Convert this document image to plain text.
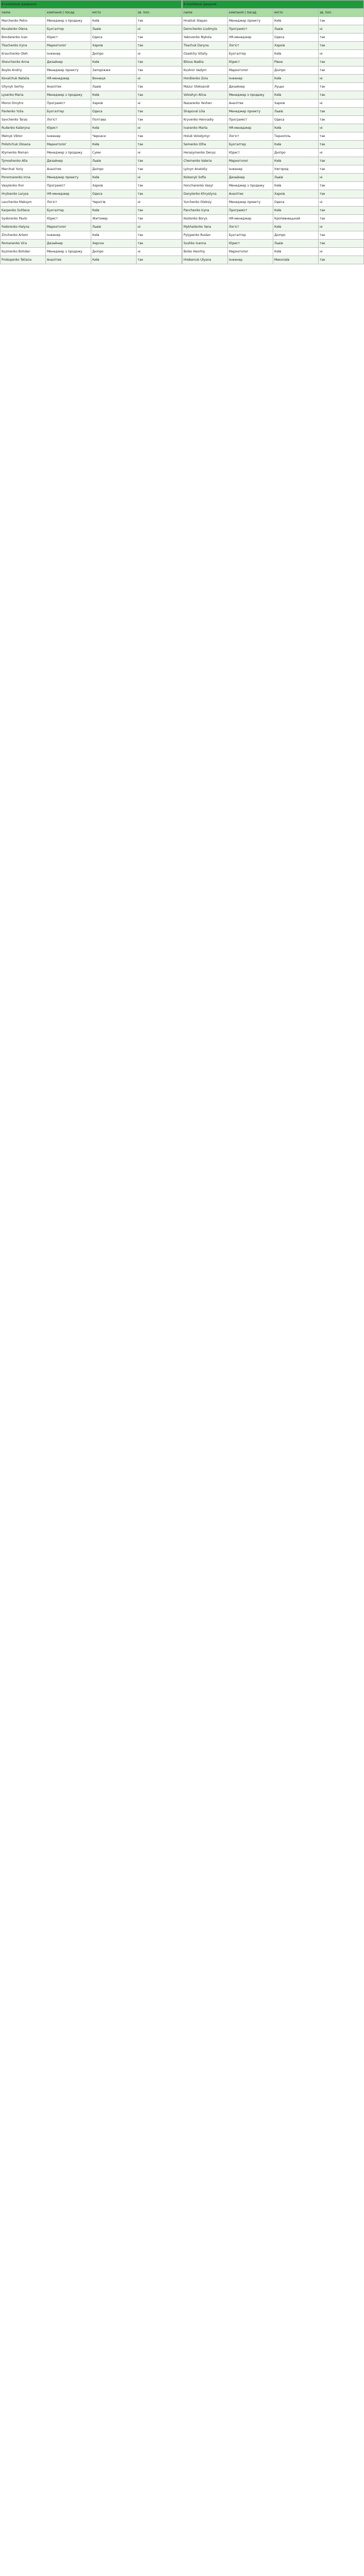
4 (колонка) дзеркало			
name	компанія | посад	місто	зв. пол.
Marchenko Petro	Менеджер з продажу	Київ	так
Kovalenko Olena	Бухгалтер	Львів	ні
Bondarenko Ivan	Юрист	Одеса	так
Tkachenko Iryna	Маркетолог	Харків	так
Kravchenko Oleh	Інженер	Дніпро	ні
Shevchenko Anna	Дизайнер	Київ	так
Boyko Andriy	Менеджер проекту	Запоріжжя	так
Kovalchuk Natalia	HR-менеджер	Вінниця	ні
Oliynyk Serhiy	Аналітик	Львів	так
Lysenko Maria	Менеджер з продажу	Київ	так
Moroz Dmytro	Програміст	Харків	ні
Pavlenko Yulia	Бухгалтер	Одеса	так
Savchenko Taras	Логіст	Полтава	так
Rudenko Kateryna	Юрист	Київ	ні
Melnyk Viktor	Інженер	Черкаси	так
Polishchuk Oksana	Маркетолог	Київ	так
Klymenko Roman	Менеджер з продажу	Суми	ні
Tymoshenko Alla	Дизайнер	Львів	так
Marchuk Yuriy	Аналітик	Дніпро	так
Ponomarenko Inna	Менеджер проекту	Київ	ні
Vasylenko Ihor	Програміст	Харків	так
Hrytsenko Larysa	HR-менеджер	Одеса	так
Levchenko Maksym	Логіст	Чернігів	ні
Karpenko Svitlana	Бухгалтер	Київ	так
Sydorenko Pavlo	Юрист	Житомир	так
Fedorenko Halyna	Маркетолог	Львів	ні
Zinchenko Artem	Інженер	Київ	так
Romanenko Vira	Дизайнер	Херсон	так
Kuzmenko Bohdan	Менеджер з продажу	Дніпро	ні
Prokopenko Tetiana	Аналітик	Київ	так
4 (колонка) рахунок			
name	компанія | посад	місто	зв. пол.
Hnatiuk Stepan	Менеджер проекту	Київ	так
Demchenko Liudmyla	Програміст	Львів	ні
Yakovenko Mykola	HR-менеджер	Одеса	так
Tkachuk Daryna	Логіст	Харків	так
Osadchy Vitaliy	Бухгалтер	Київ	ні
Bilous Nadiia	Юрист	Рівне	так
Kushnir Vadym	Маркетолог	Дніпро	так
Hordiienko Zoia	Інженер	Київ	ні
Mazur Oleksandr	Дизайнер	Луцьк	так
Voloshyn Alina	Менеджер з продажу	Київ	так
Nazarenko Yevhen	Аналітик	Харків	ні
Shapoval Lilia	Менеджер проекту	Львів	так
Kryvenko Hennadiy	Програміст	Одеса	так
Ivanenko Marta	HR-менеджер	Київ	ні
Holub Volodymyr	Логіст	Тернопіль	так
Semenko Olha	Бухгалтер	Київ	так
Herasymenko Denys	Юрист	Дніпро	ні
Chernenko Valeria	Маркетолог	Київ	так
Lytvyn Anatoliy	Інженер	Ужгород	так
Kolesnyk Sofia	Дизайнер	Львів	ні
Honcharenko Vasyl	Менеджер з продажу	Київ	так
Danylenko Khrystyna	Аналітик	Харків	так
Yurchenko Oleksiy	Менеджер проекту	Одеса	ні
Panchenko Iryna	Програміст	Київ	так
Kostenko Borys	HR-менеджер	Кропивницький	так
Mykhailenko Yana	Логіст	Київ	ні
Pylypenko Ruslan	Бухгалтер	Дніпро	так
Sushko Ivanna	Юрист	Львів	так
Boiko Heorhiy	Маркетолог	Київ	ні
Hrebeniuk Ulyana	Інженер	Миколаїв	так
